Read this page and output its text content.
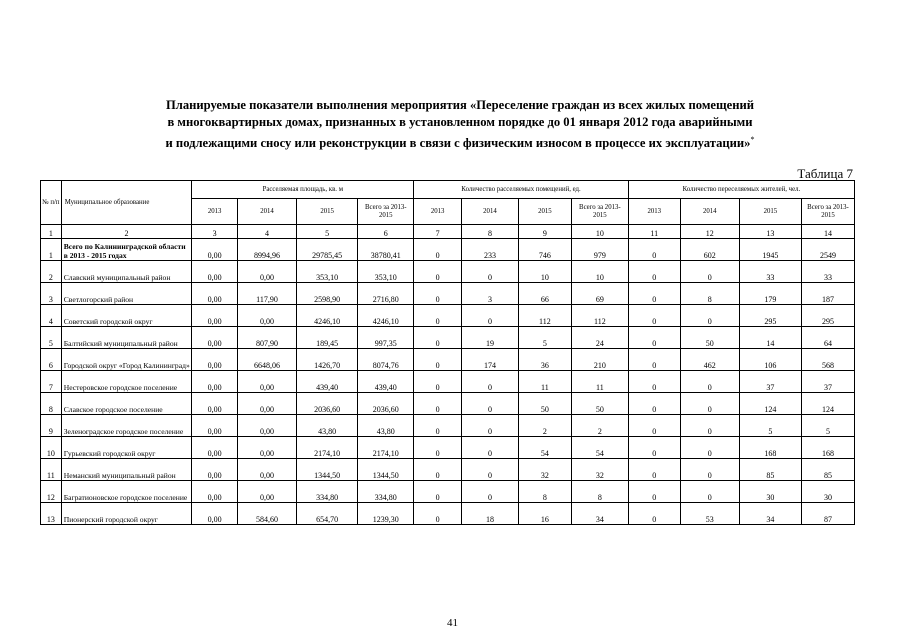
Планируемые показатели выполнения мероприятия «Переселение граждан из всех жилых помещений
в многоквартирных домах, признанных в установленном порядке до 01 января 2012 года аварийными
и подлежащими сносу или реконструкции в связи с физическим износом в процессе их эксплуатации»*
Таблица 7
№ п/п	Муниципальное образование	Расселяемая площадь, кв. м				Количество расселяемых помещений, ед.				Количество переселяемых жителей, чел.			
		2013	2014	2015	Всего за 2013-2015	2013	2014	2015	Всего за 2013-2015	2013	2014	2015	Всего за 2013-2015
1	2	3	4	5	6	7	8	9	10	11	12	13	14
1	Всего по Калининградской области в 2013 - 2015 годах	0,00	8994,96	29785,45	38780,41	0	233	746	979	0	602	1945	2549
2	Славский муниципальный район	0,00	0,00	353,10	353,10	0	0	10	10	0	0	33	33
3	Светлогорский район	0,00	117,90	2598,90	2716,80	0	3	66	69	0	8	179	187
4	Советский городской округ	0,00	0,00	4246,10	4246,10	0	0	112	112	0	0	295	295
5	Балтийский муниципальный район	0,00	807,90	189,45	997,35	0	19	5	24	0	50	14	64
6	Городской округ «Город Калининград»	0,00	6648,06	1426,70	8074,76	0	174	36	210	0	462	106	568
7	Нестеровское городское поселение	0,00	0,00	439,40	439,40	0	0	11	11	0	0	37	37
8	Славское городское поселение	0,00	0,00	2036,60	2036,60	0	0	50	50	0	0	124	124
9	Зеленоградское городское поселение	0,00	0,00	43,80	43,80	0	0	2	2	0	0	5	5
10	Гурьевский городской округ	0,00	0,00	2174,10	2174,10	0	0	54	54	0	0	168	168
11	Неманский муниципальный район	0,00	0,00	1344,50	1344,50	0	0	32	32	0	0	85	85
12	Багратионовское городское поселение	0,00	0,00	334,80	334,80	0	0	8	8	0	0	30	30
13	Пионерский городской округ	0,00	584,60	654,70	1239,30	0	18	16	34	0	53	34	87
41
